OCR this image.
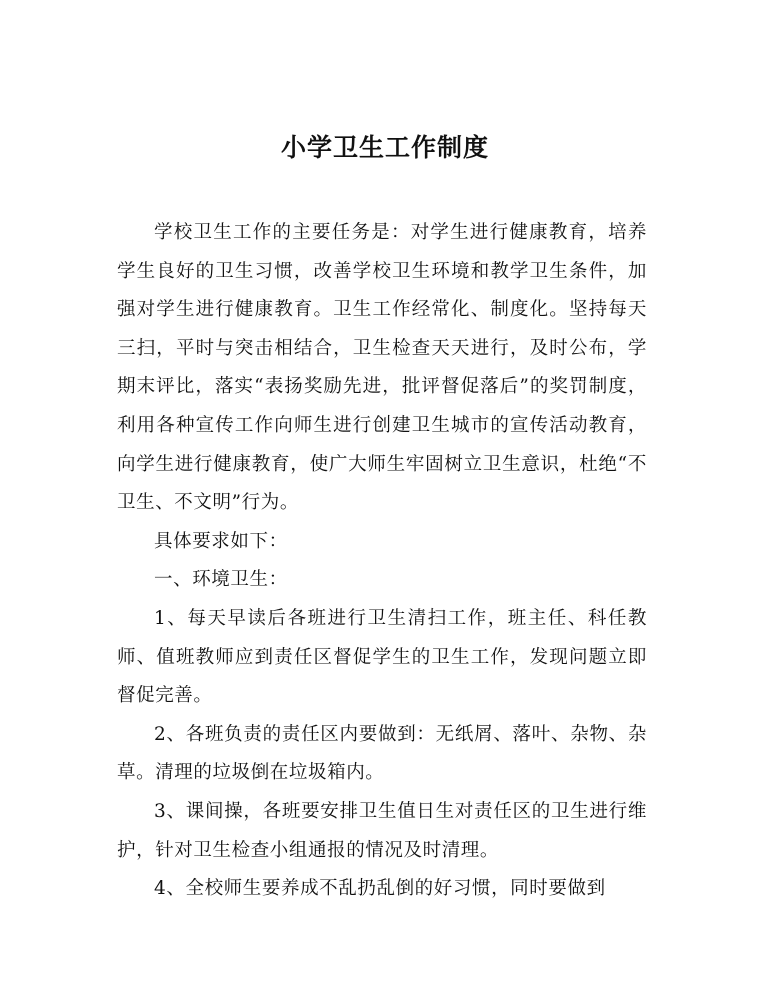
小学卫生工作制度

学校卫生工作的主要任务是：对学生进行健康教育，培养学生良好的卫生习惯，改善学校卫生环境和教学卫生条件，加强对学生进行健康教育。卫生工作经常化、制度化。坚持每天三扫，平时与突击相结合，卫生检查天天进行，及时公布，学期末评比，落实“表扬奖励先进，批评督促落后”的奖罚制度，利用各种宣传工作向师生进行创建卫生城市的宣传活动教育，向学生进行健康教育，使广大师生牢固树立卫生意识，杜绝“不卫生、不文明”行为。

具体要求如下：

一、环境卫生：

1、每天早读后各班进行卫生清扫工作，班主任、科任教师、值班教师应到责任区督促学生的卫生工作，发现问题立即督促完善。

2、各班负责的责任区内要做到：无纸屑、落叶、杂物、杂草。清理的垃圾倒在垃圾箱内。

3、课间操，各班要安排卫生值日生对责任区的卫生进行维护，针对卫生检查小组通报的情况及时清理。

4、全校师生要养成不乱扔乱倒的好习惯，同时要做到
